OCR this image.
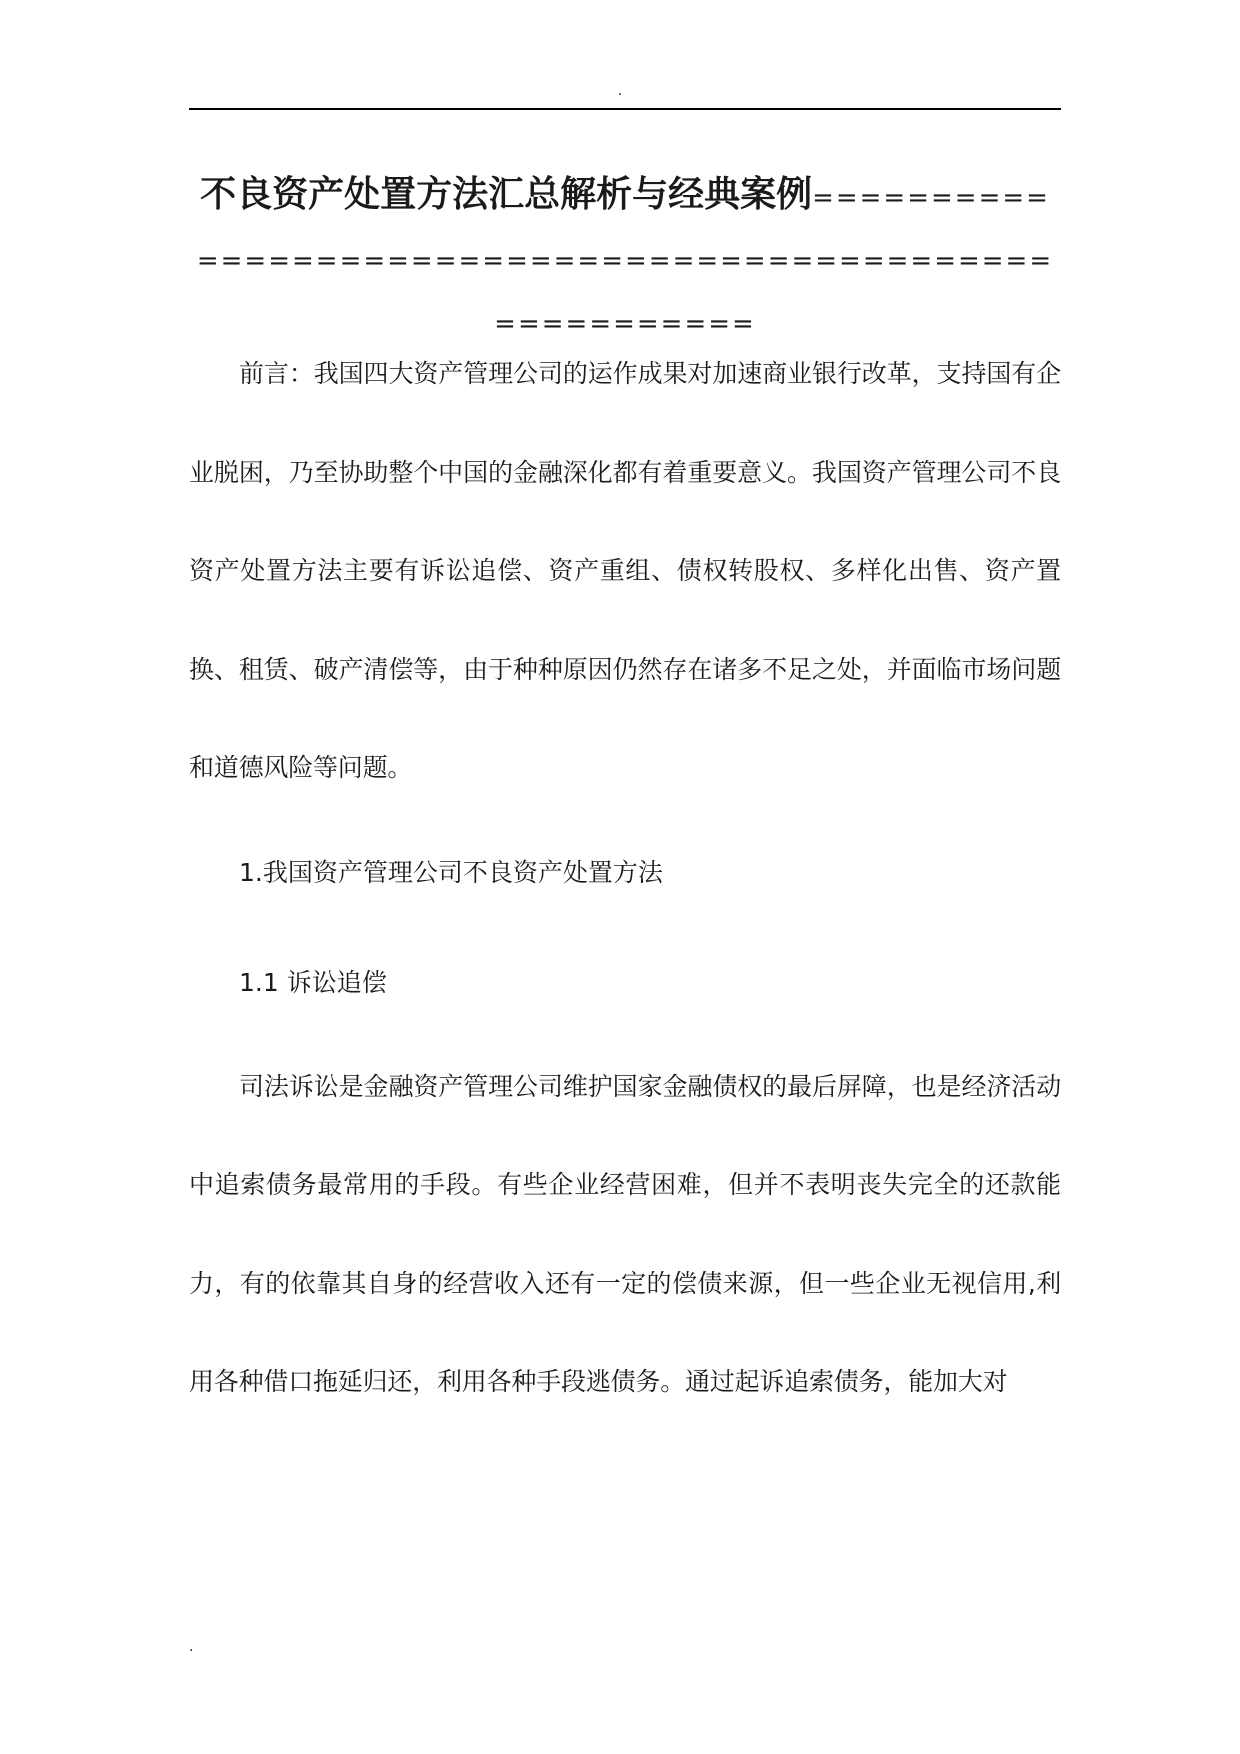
.
不良资产处置方法汇总解析与经典案例=========================================================

前言：我国四大资产管理公司的运作成果对加速商业银行改革，支持国有企业脱困，乃至协助整个中国的金融深化都有着重要意义。我国资产管理公司不良资产处置方法主要有诉讼追偿、资产重组、债权转股权、多样化出售、资产置换、租赁、破产清偿等，由于种种原因仍然存在诸多不足之处，并面临市场问题和道德风险等问题。

1.我国资产管理公司不良资产处置方法

1.1 诉讼追偿

司法诉讼是金融资产管理公司维护国家金融债权的最后屏障，也是经济活动中追索债务最常用的手段。有些企业经营困难，但并不表明丧失完全的还款能力，有的依靠其自身的经营收入还有一定的偿债来源，但一些企业无视信用,利用各种借口拖延归还，利用各种手段逃债务。通过起诉追索债务，能加大对

.
